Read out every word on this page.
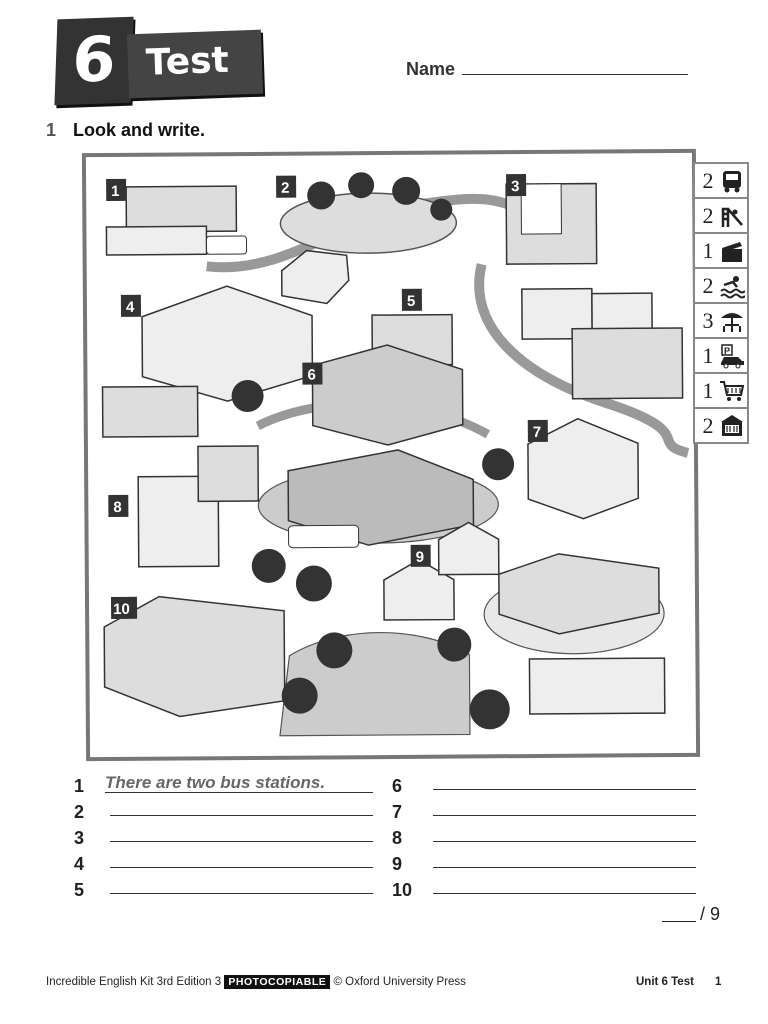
6 Test	Name
1 Look and write.
1	2	3
4	5
6
7
8
9
10
2
2
1
2
3
1	P
1
2
1 There are two bus stations.
2
3
4
5
6
7
8
9
10
/ 9
Incredible English Kit 3rd Edition 3 PHOTOCOPIABLE © Oxford University Press	Unit 6 Test 1
